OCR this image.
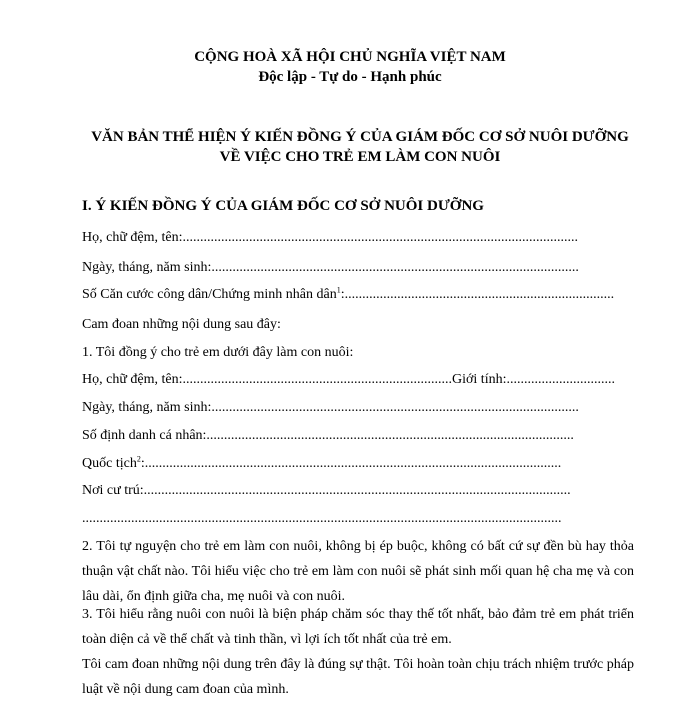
CỘNG HOÀ XÃ HỘI CHỦ NGHĨA VIỆT NAM
Độc lập - Tự do - Hạnh phúc
VĂN BẢN THỂ HIỆN Ý KIẾN ĐỒNG Ý CỦA GIÁM ĐỐC CƠ SỞ NUÔI DƯỠNG
VỀ VIỆC CHO TRẺ EM LÀM CON NUÔI
I. Ý KIẾN ĐỒNG Ý CỦA GIÁM ĐỐC CƠ SỞ NUÔI DƯỠNG
Họ, chữ đệm, tên:.................................................................................................................
Ngày, tháng, năm sinh:.........................................................................................................
Số Căn cước công dân/Chứng minh nhân dân$^1$:.............................................................................
Cam đoan những nội dung sau đây:
1. Tôi đồng ý cho trẻ em dưới đây làm con nuôi:
Họ, chữ đệm, tên:.............................................................................Giới tính:...............................
Ngày, tháng, năm sinh:.........................................................................................................
Số định danh cá nhân:.........................................................................................................
Quốc tịch$^2$:.......................................................................................................................
Nơi cư trú:..........................................................................................................................
.........................................................................................................................................
2. Tôi tự nguyện cho trẻ em làm con nuôi, không bị ép buộc, không có bất cứ sự đền bù hay thỏa thuận vật chất nào. Tôi hiểu việc cho trẻ em làm con nuôi sẽ phát sinh mối quan hệ cha mẹ và con lâu dài, ổn định giữa cha, mẹ nuôi và con nuôi.
3. Tôi hiểu rằng nuôi con nuôi là biện pháp chăm sóc thay thế tốt nhất, bảo đảm trẻ em phát triển toàn diện cả về thể chất và tinh thần, vì lợi ích tốt nhất của trẻ em.
Tôi cam đoan những nội dung trên đây là đúng sự thật. Tôi hoàn toàn chịu trách nhiệm trước pháp luật về nội dung cam đoan của mình.
